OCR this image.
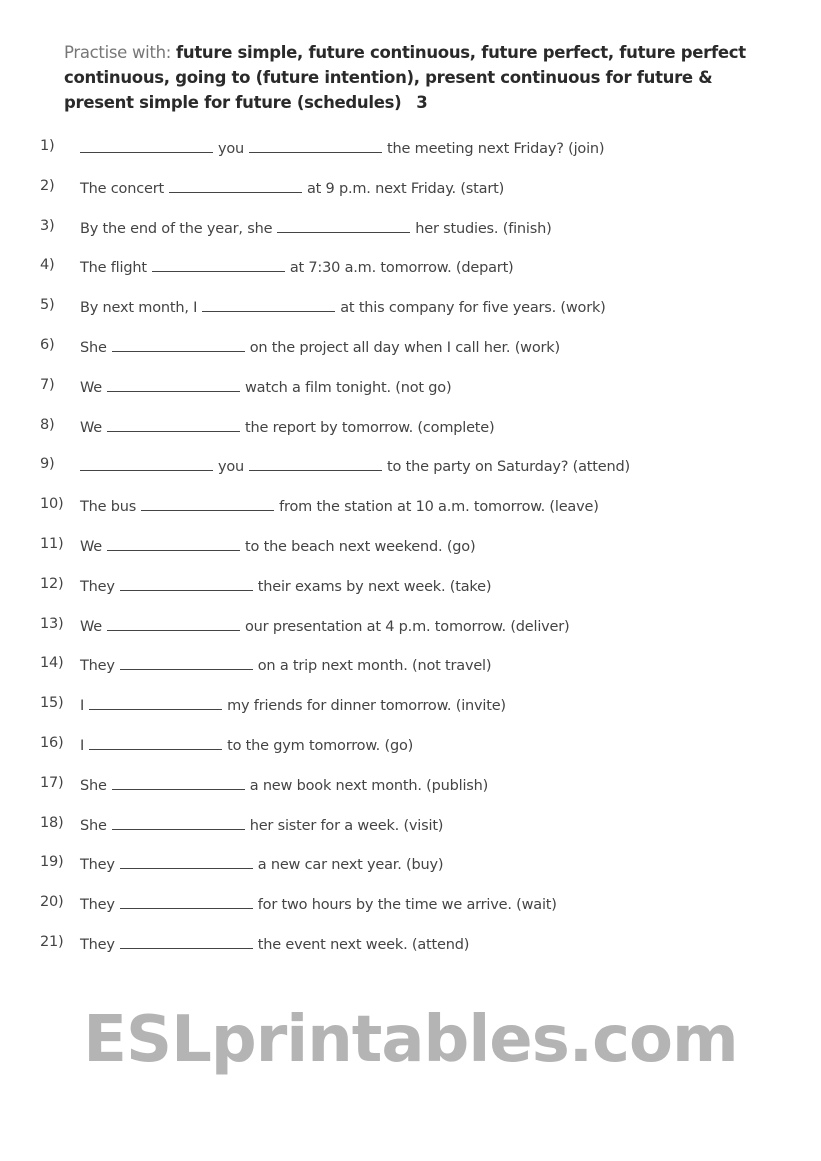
Practise with: future simple, future continuous, future perfect, future perfect continuous, going to (future intention), present continuous for future & present simple for future (schedules) 3
1)	you	the meeting next Friday? (join)
2)	The concert	at 9 p.m. next Friday. (start)
3)	By the end of the year, she	her studies. (finish)
4)	The flight	at 7:30 a.m. tomorrow. (depart)
5)	By next month, I	at this company for five years. (work)
6)	She	on the project all day when I call her. (work)
7)	We	watch a film tonight. (not go)
8)	We	the report by tomorrow. (complete)
9)	you	to the party on Saturday? (attend)
10)	The bus	from the station at 10 a.m. tomorrow. (leave)
11)	We	to the beach next weekend. (go)
12)	They	their exams by next week. (take)
13)	We	our presentation at 4 p.m. tomorrow. (deliver)
14)	They	on a trip next month. (not travel)
15)	I	my friends for dinner tomorrow. (invite)
16)	I	to the gym tomorrow. (go)
17)	She	a new book next month. (publish)
18)	She	her sister for a week. (visit)
19)	They	a new car next year. (buy)
20)	They	for two hours by the time we arrive. (wait)
21)	They	the event next week. (attend)
ESLprintables.com
